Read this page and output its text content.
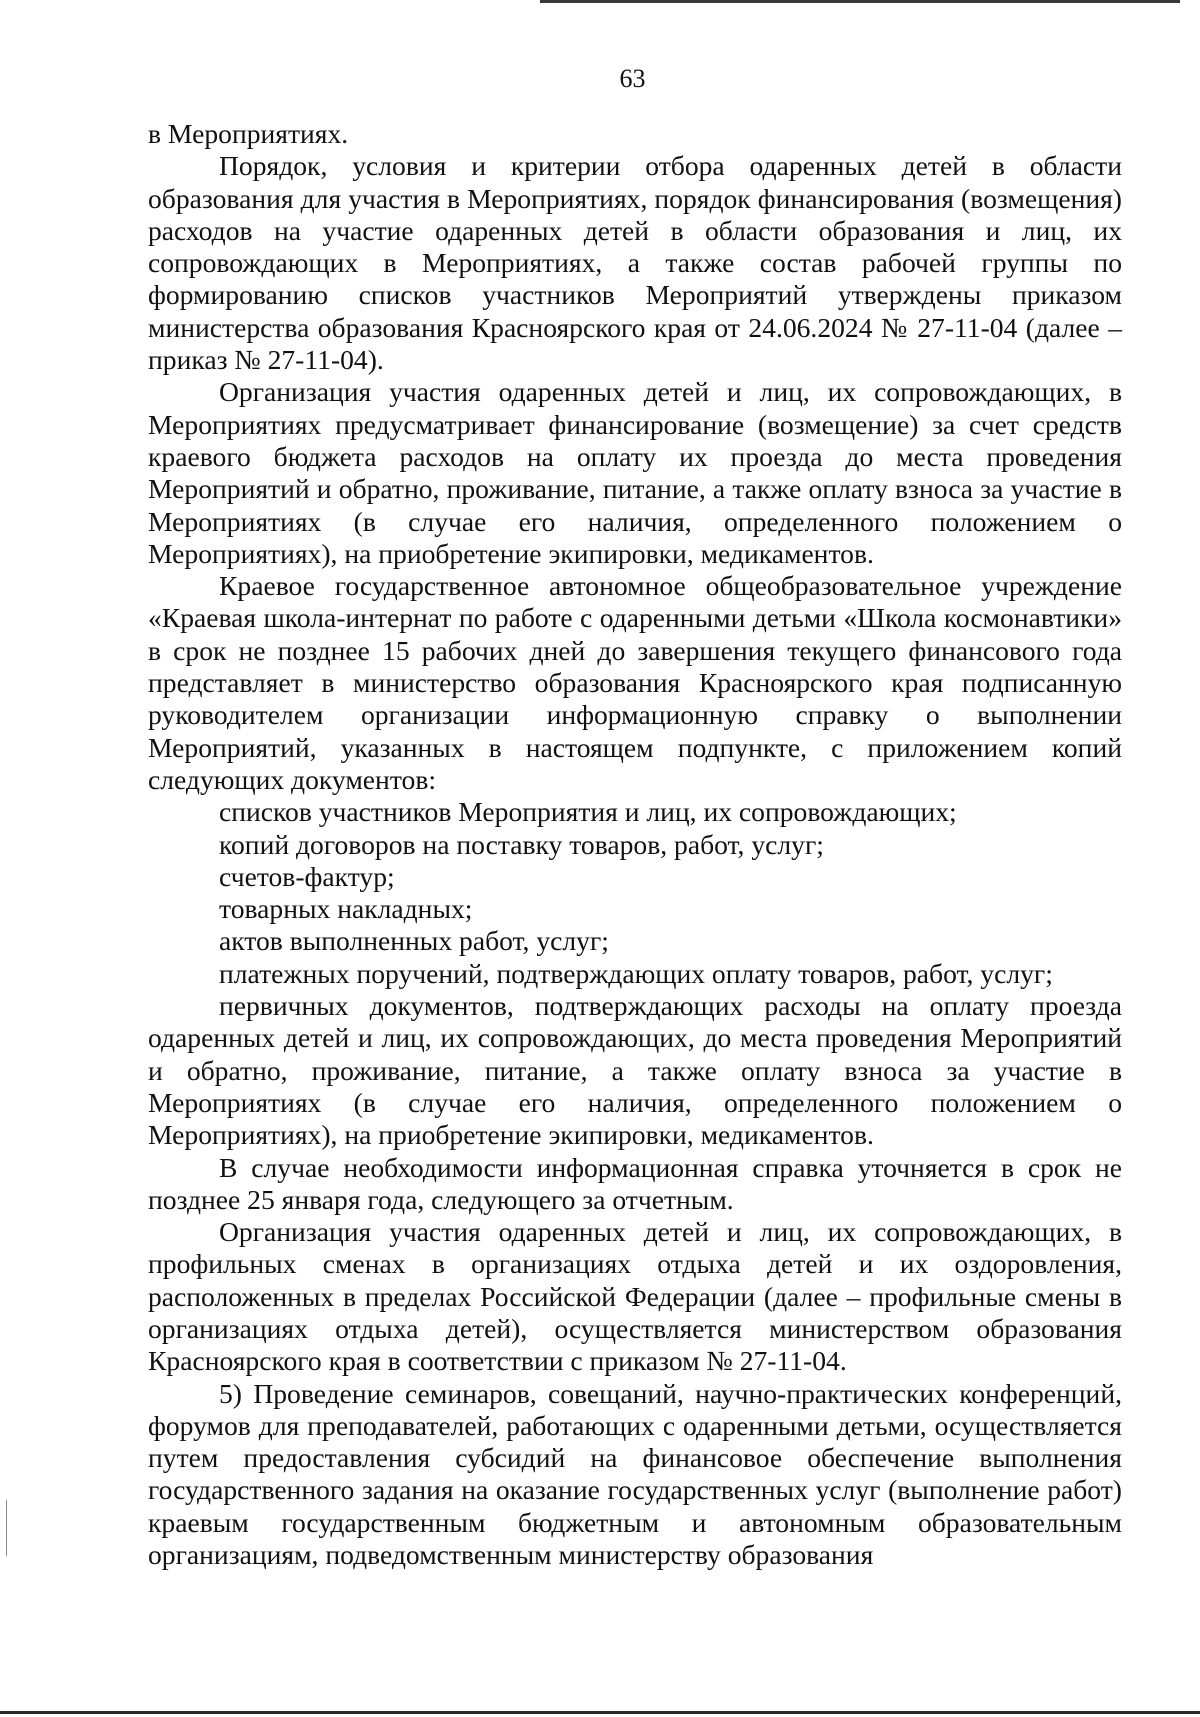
63

в Мероприятиях.

Порядок, условия и критерии отбора одаренных детей в области образования для участия в Мероприятиях, порядок финансирования (возмещения) расходов на участие одаренных детей в области образования и лиц, их сопровождающих в Мероприятиях, а также состав рабочей группы по формированию списков участников Мероприятий утверждены приказом министерства образования Красноярского края от 24.06.2024 № 27-11-04 (далее – приказ № 27-11-04).

Организация участия одаренных детей и лиц, их сопровождающих, в Мероприятиях предусматривает финансирование (возмещение) за счет средств краевого бюджета расходов на оплату их проезда до места проведения Мероприятий и обратно, проживание, питание, а также оплату взноса за участие в Мероприятиях (в случае его наличия, определенного положением о Мероприятиях), на приобретение экипировки, медикаментов.

Краевое государственное автономное общеобразовательное учреждение «Краевая школа-интернат по работе с одаренными детьми «Школа космонавтики» в срок не позднее 15 рабочих дней до завершения текущего финансового года представляет в министерство образования Красноярского края подписанную руководителем организации информационную справку о выполнении Мероприятий, указанных в настоящем подпункте, с приложением копий следующих документов:

списков участников Мероприятия и лиц, их сопровождающих;

копий договоров на поставку товаров, работ, услуг;

счетов-фактур;

товарных накладных;

актов выполненных работ, услуг;

платежных поручений, подтверждающих оплату товаров, работ, услуг;

первичных документов, подтверждающих расходы на оплату проезда одаренных детей и лиц, их сопровождающих, до места проведения Мероприятий и обратно, проживание, питание, а также оплату взноса за участие в Мероприятиях (в случае его наличия, определенного положением о Мероприятиях), на приобретение экипировки, медикаментов.

В случае необходимости информационная справка уточняется в срок не позднее 25 января года, следующего за отчетным.

Организация участия одаренных детей и лиц, их сопровождающих, в профильных сменах в организациях отдыха детей и их оздоровления, расположенных в пределах Российской Федерации (далее – профильные смены в организациях отдыха детей), осуществляется министерством образования Красноярского края в соответствии с приказом № 27-11-04.

5) Проведение семинаров, совещаний, научно-практических конференций, форумов для преподавателей, работающих с одаренными детьми, осуществляется путем предоставления субсидий на финансовое обеспечение выполнения государственного задания на оказание государственных услуг (выполнение работ) краевым государственным бюджетным и автономным образовательным организациям, подведомственным министерству образования
